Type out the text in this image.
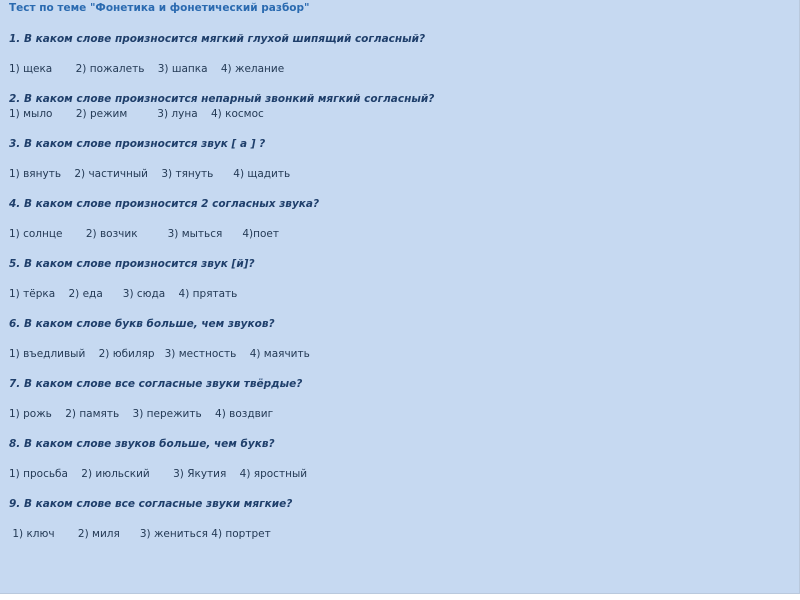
Тест по теме "Фонетика и фонетический разбор"
1. В каком слове произносится мягкий глухой шипящий согласный?
1) щека       2) пожалеть    3) шапка    4) желание
2. В каком слове произносится непарный звонкий мягкий согласный?
1) мыло       2) режим         3) луна    4) космос
3. В каком слове произносится звук [ а ] ?
1) вянуть    2) частичный    3) тянуть      4) щадить
4. В каком слове произносится 2 согласных звука?
1) солнце       2) возчик         3) мыться      4)поет
5. В каком слове произносится звук [й]?
1) тёрка    2) еда      3) сюда    4) прятать
6. В каком слове букв больше, чем звуков?
1) въедливый    2) юбиляр   3) местность    4) маячить
7. В каком слове все согласные звуки твёрдые?
1) рожь    2) память    3) пережить    4) воздвиг
8. В каком слове звуков больше, чем букв?
1) просьба    2) июльский       3) Якутия    4) яростный
9. В каком слове все согласные звуки мягкие?
1) ключ       2) миля      3) жениться 4) портрет
